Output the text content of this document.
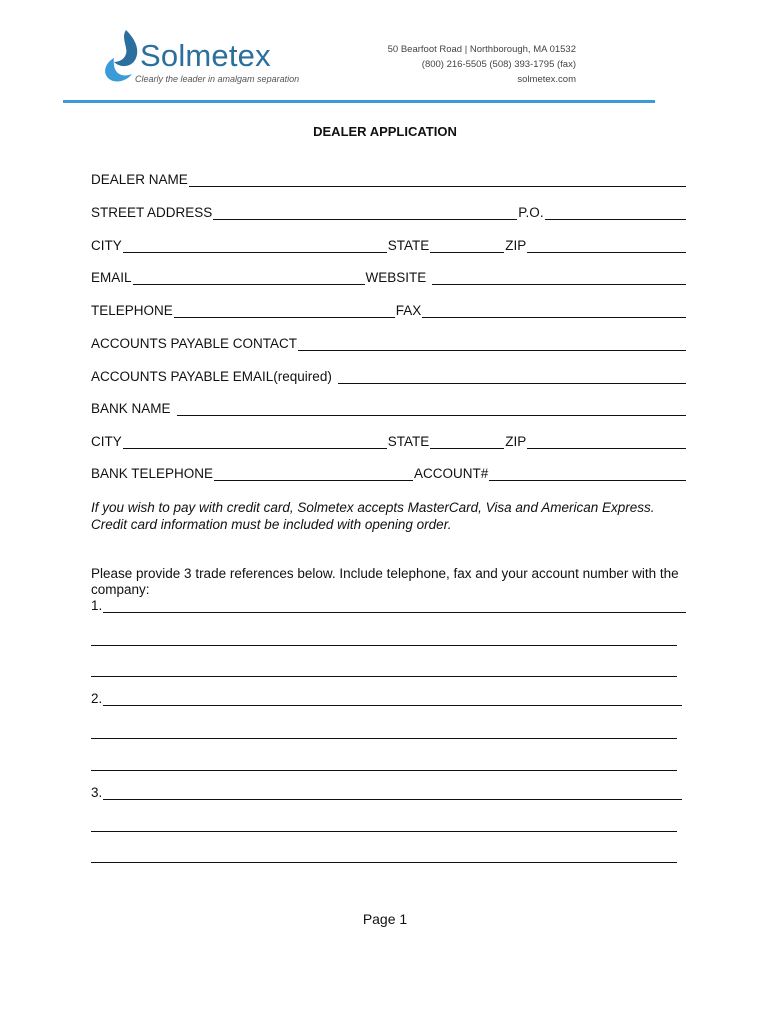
Solmetex
Clearly the leader in amalgam separation
50 Bearfoot Road | Northborough, MA 01532
(800) 216-5505 (508) 393-1795 (fax)
solmetex.com
DEALER APPLICATION
DEALER NAME
STREET ADDRESS	P.O.
CITY	STATE	ZIP
EMAIL	WEBSITE
TELEPHONE	FAX
ACCOUNTS PAYABLE CONTACT
ACCOUNTS PAYABLE EMAIL(required)
BANK NAME
CITY	STATE	ZIP
BANK TELEPHONE	ACCOUNT#
If you wish to pay with credit card, Solmetex accepts MasterCard, Visa and American Express. Credit card information must be included with opening order.
Please provide 3 trade references below. Include telephone, fax and your account number with the company:
1.
2.
3.
Page 1
